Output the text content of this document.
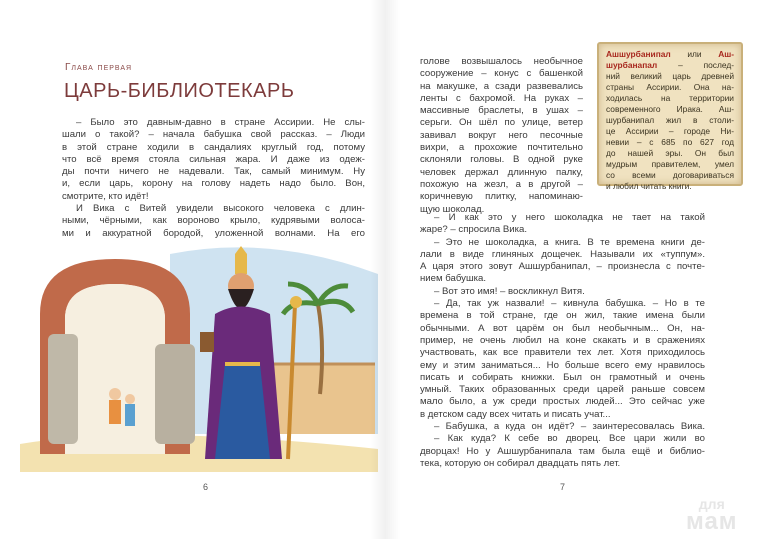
Глава первая
ЦАРЬ-БИБЛИОТЕКАРЬ
– Было это давным-давно в стране Ассирии. Не слы-
шали о такой? – начала бабушка свой рассказ. – Люди
в этой стране ходили в сандалиях круглый год, потому
что всё время стояла сильная жара. И даже из одеж-
ды почти ничего не надевали. Так, самый минимум. Ну
и, если царь, корону на голову надеть надо было. Вон,
смотрите, кто идёт!
И Вика с Витей увидели высокого человека с длин-
ными, чёрными, как вороново крыло, кудрявыми волоса-
ми и аккуратной бородой, уложенной волнами. На его
6
голове возвышалось необычное
сооружение – конус с башенкой
на макушке, а сзади развевались
ленты с бахромой. На руках –
массивные браслеты, в ушах –
серьги. Он шёл по улице, ветер
завивал вокруг него песочные
вихри, а прохожие почтительно
склоняли головы. В одной руке
человек держал длинную палку,
похожую на жезл, а в другой –
коричневую плитку, напоминаю-
щую шоколад.
– И как это у него шоколадка не тает на такой
жаре? – спросила Вика.
– Это не шоколадка, а книга. В те времена книги де-
лали в виде глиняных дощечек. Называли их «туппум».
А царя этого зовут Ашшурбанипал, – произнесла с почте-
нием бабушка.
– Вот это имя! – воскликнул Витя.
– Да, так уж назвали! – кивнула бабушка. – Но в те
времена в той стране, где он жил, такие имена были
обычными. А вот царём он был необычным... Он, на-
пример, не очень любил на коне скакать и в сражениях
участвовать, как все правители тех лет. Хотя приходилось
ему и этим заниматься... Но больше всего ему нравилось
писать и собирать книжки. Был он грамотный и очень
умный. Таких образованных среди царей раньше совсем
мало было, а уж среди простых людей... Это сейчас уже
в детском саду всех читать и писать учат...
– Бабушка, а куда он идёт? – заинтересовалась Вика.
– Как куда? К себе во дворец. Все цари жили во
дворцах! Но у Ашшурбанипала там была ещё и библио-
тека, которую он собирал двадцать пять лет.
Ашшурбанипал или Аш-
шурбанапал – послед-
ний великий царь древней
страны Ассирии. Она на-
ходилась на территории
современного Ирака. Аш-
шурбанипал жил в столи-
це Ассирии – городе Ни-
невии – с 685 по 627 год
до нашей эры. Он был
мудрым правителем, умел
со всеми договариваться
и любил читать книги.
7
для
мам
